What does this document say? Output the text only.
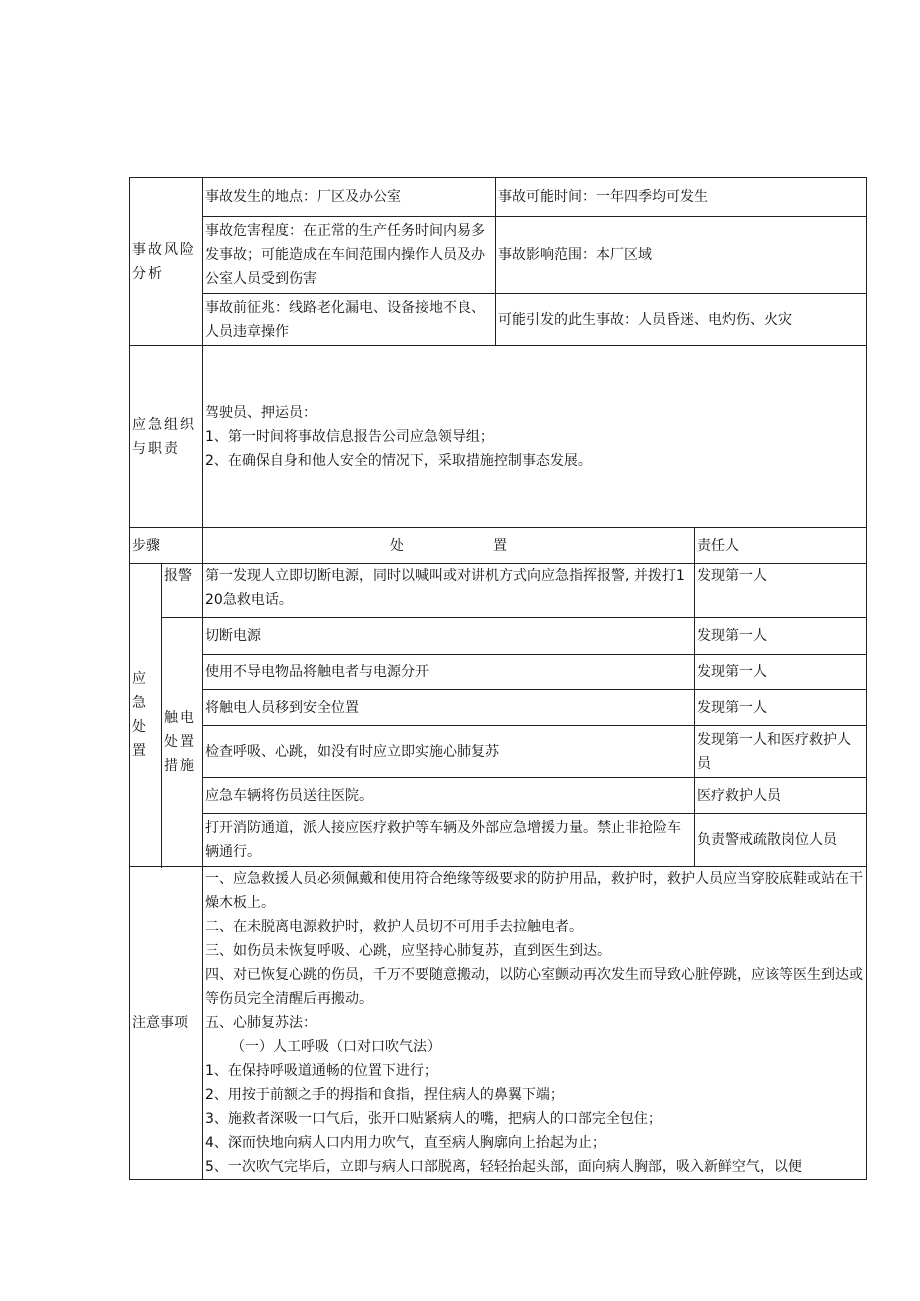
事故风险分析	事故发生的地点：厂区及办公室	事故可能时间：一年四季均可发生
	事故危害程度：在正常的生产任务时间内易多发事故；可能造成在车间范围内操作人员及办公室人员受到伤害	事故影响范围：本厂区域
	事故前征兆：线路老化漏电、设备接地不良、人员违章操作	可能引发的此生事故：人员昏迷、电灼伤、火灾
应急组织与职责	驾驶员、押运员：

1、第一时间将事故信息报告公司应急领导组；

2、在确保自身和他人安全的情况下，采取措施控制事态发展。	

步骤		处 置	责任人
应急处置	报警	第一发现人立即切断电源，同时以喊叫或对讲机方式向应急指挥报警, 并拨打120急救电话。	发现第一人
	触电处置措施	切断电源	发现第一人
		使用不导电物品将触电者与电源分开	发现第一人
		将触电人员移到安全位置	发现第一人
		检查呼吸、心跳，如没有时应立即实施心肺复苏	发现第一人和医疗救护人员
		应急车辆将伤员送往医院。	医疗救护人员
		打开消防通道，派人接应医疗救护等车辆及外部应急增援力量。禁止非抢险车辆通行。	负责警戒疏散岗位人员

注意事项	

一、应急救援人员必须佩戴和使用符合绝缘等级要求的防护用品，救护时，救护人员应当穿胶底鞋或站在干燥木板上。

二、在未脱离电源救护时，救护人员切不可用手去拉触电者。

三、如伤员未恢复呼吸、心跳，应坚持心肺复苏，直到医生到达。

四、对已恢复心跳的伤员，千万不要随意搬动，以防心室颤动再次发生而导致心脏停跳，应该等医生到达或等伤员完全清醒后再搬动。

五、心肺复苏法：

（一）人工呼吸（口对口吹气法）

1、在保持呼吸道通畅的位置下进行；

2、用按于前额之手的拇指和食指，捏住病人的鼻翼下端；

3、施救者深吸一口气后，张开口贴紧病人的嘴，把病人的口部完全包住；

4、深而快地向病人口内用力吹气，直至病人胸廓向上抬起为止；

5、一次吹气完毕后，立即与病人口部脱离，轻轻抬起头部，面向病人胸部，吸入新鲜空气，以便
